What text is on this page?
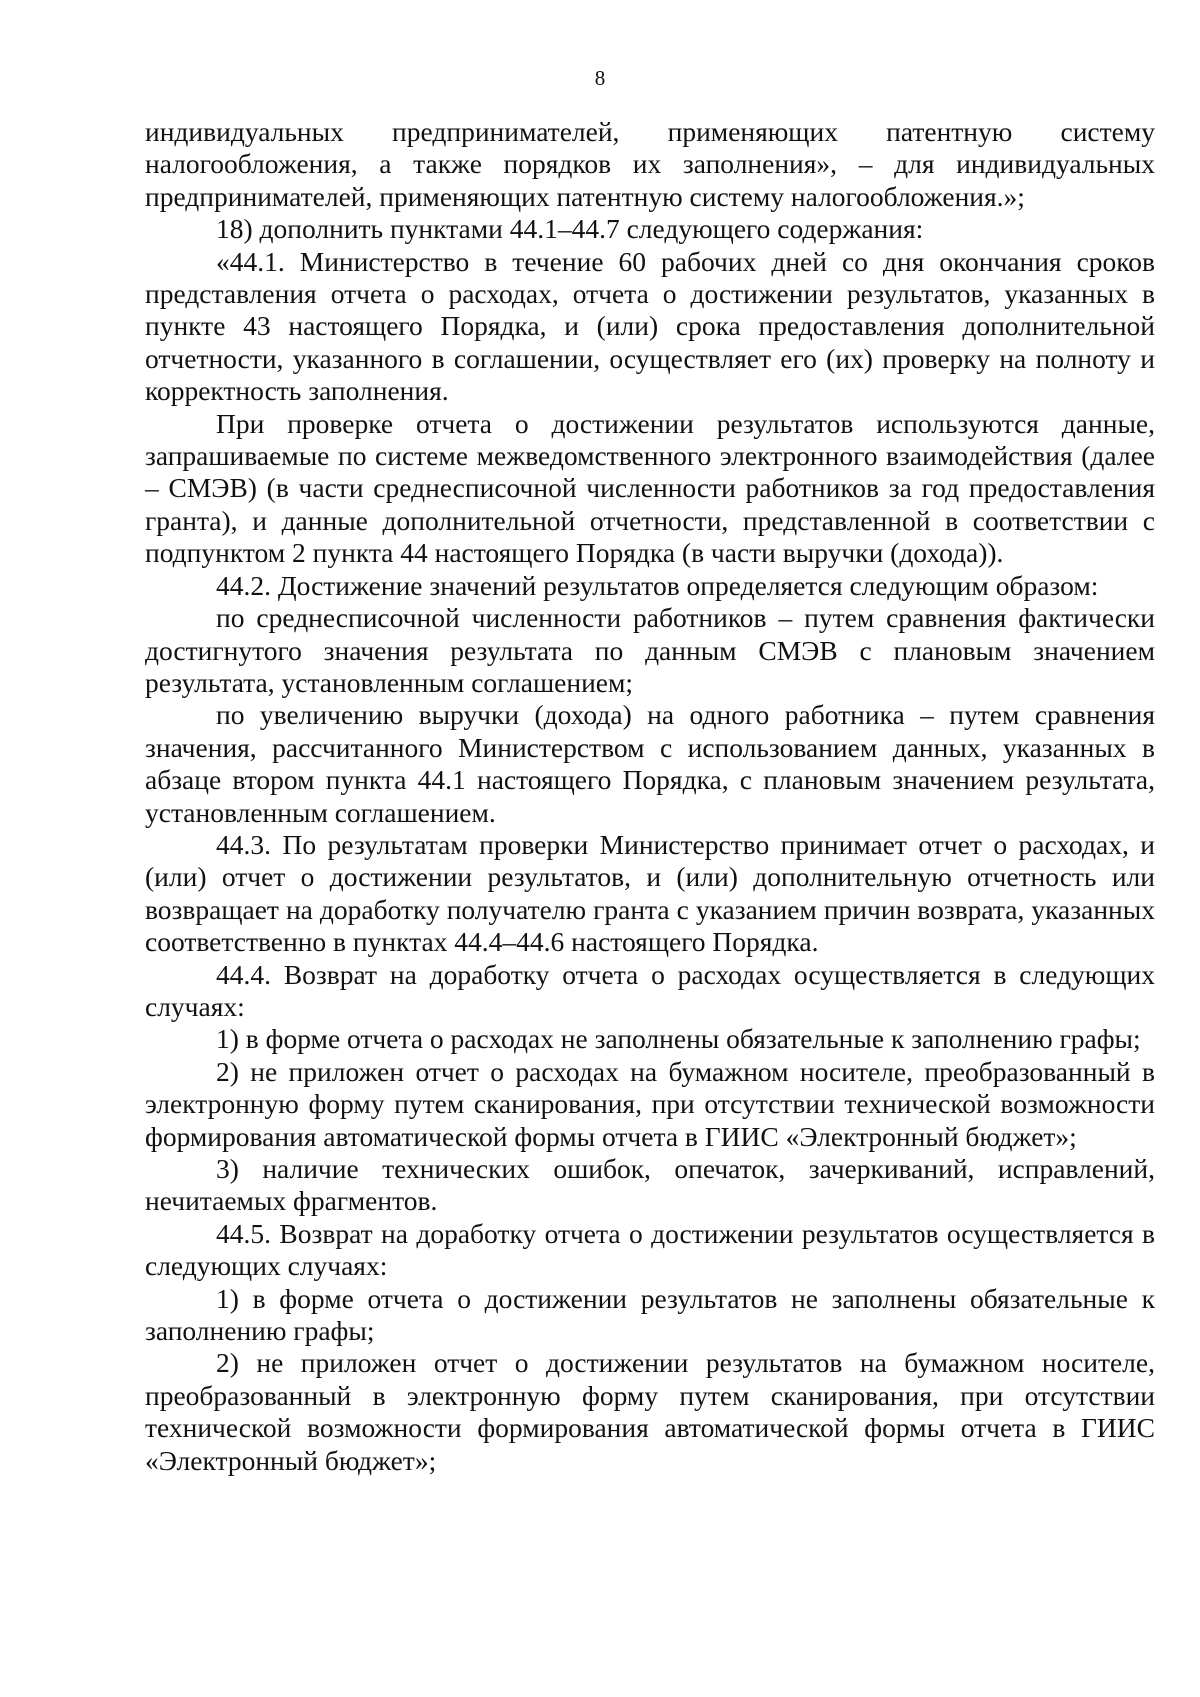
8

индивидуальных предпринимателей, применяющих патентную систему налогообложения, а также порядков их заполнения», – для индивидуальных предпринимателей, применяющих патентную систему налогообложения.»;

18) дополнить пунктами 44.1–44.7 следующего содержания:

«44.1. Министерство в течение 60 рабочих дней со дня окончания сроков представления отчета о расходах, отчета о достижении результатов, указанных в пункте 43 настоящего Порядка, и (или) срока предоставления дополнительной отчетности, указанного в соглашении, осуществляет его (их) проверку на полноту и корректность заполнения.

При проверке отчета о достижении результатов используются данные, запрашиваемые по системе межведомственного электронного взаимодействия (далее – СМЭВ) (в части среднесписочной численности работников за год предоставления гранта), и данные дополнительной отчетности, представленной в соответствии с подпунктом 2 пункта 44 настоящего Порядка (в части выручки (дохода)).

44.2. Достижение значений результатов определяется следующим образом:

по среднесписочной численности работников – путем сравнения фактически достигнутого значения результата по данным СМЭВ с плановым значением результата, установленным соглашением;

по увеличению выручки (дохода) на одного работника – путем сравнения значения, рассчитанного Министерством с использованием данных, указанных в абзаце втором пункта 44.1 настоящего Порядка, с плановым значением результата, установленным соглашением.

44.3. По результатам проверки Министерство принимает отчет о расходах, и (или) отчет о достижении результатов, и (или) дополнительную отчетность или возвращает на доработку получателю гранта с указанием причин возврата, указанных соответственно в пунктах 44.4–44.6 настоящего Порядка.

44.4. Возврат на доработку отчета о расходах осуществляется в следующих случаях:

1) в форме отчета о расходах не заполнены обязательные к заполнению графы;

2) не приложен отчет о расходах на бумажном носителе, преобразованный в электронную форму путем сканирования, при отсутствии технической возможности формирования автоматической формы отчета в ГИИС «Электронный бюджет»;

3) наличие технических ошибок, опечаток, зачеркиваний, исправлений, нечитаемых фрагментов.

44.5. Возврат на доработку отчета о достижении результатов осуществляется в следующих случаях:

1) в форме отчета о достижении результатов не заполнены обязательные к заполнению графы;

2) не приложен отчет о достижении результатов на бумажном носителе, преобразованный в электронную форму путем сканирования, при отсутствии технической возможности формирования автоматической формы отчета в ГИИС «Электронный бюджет»;
